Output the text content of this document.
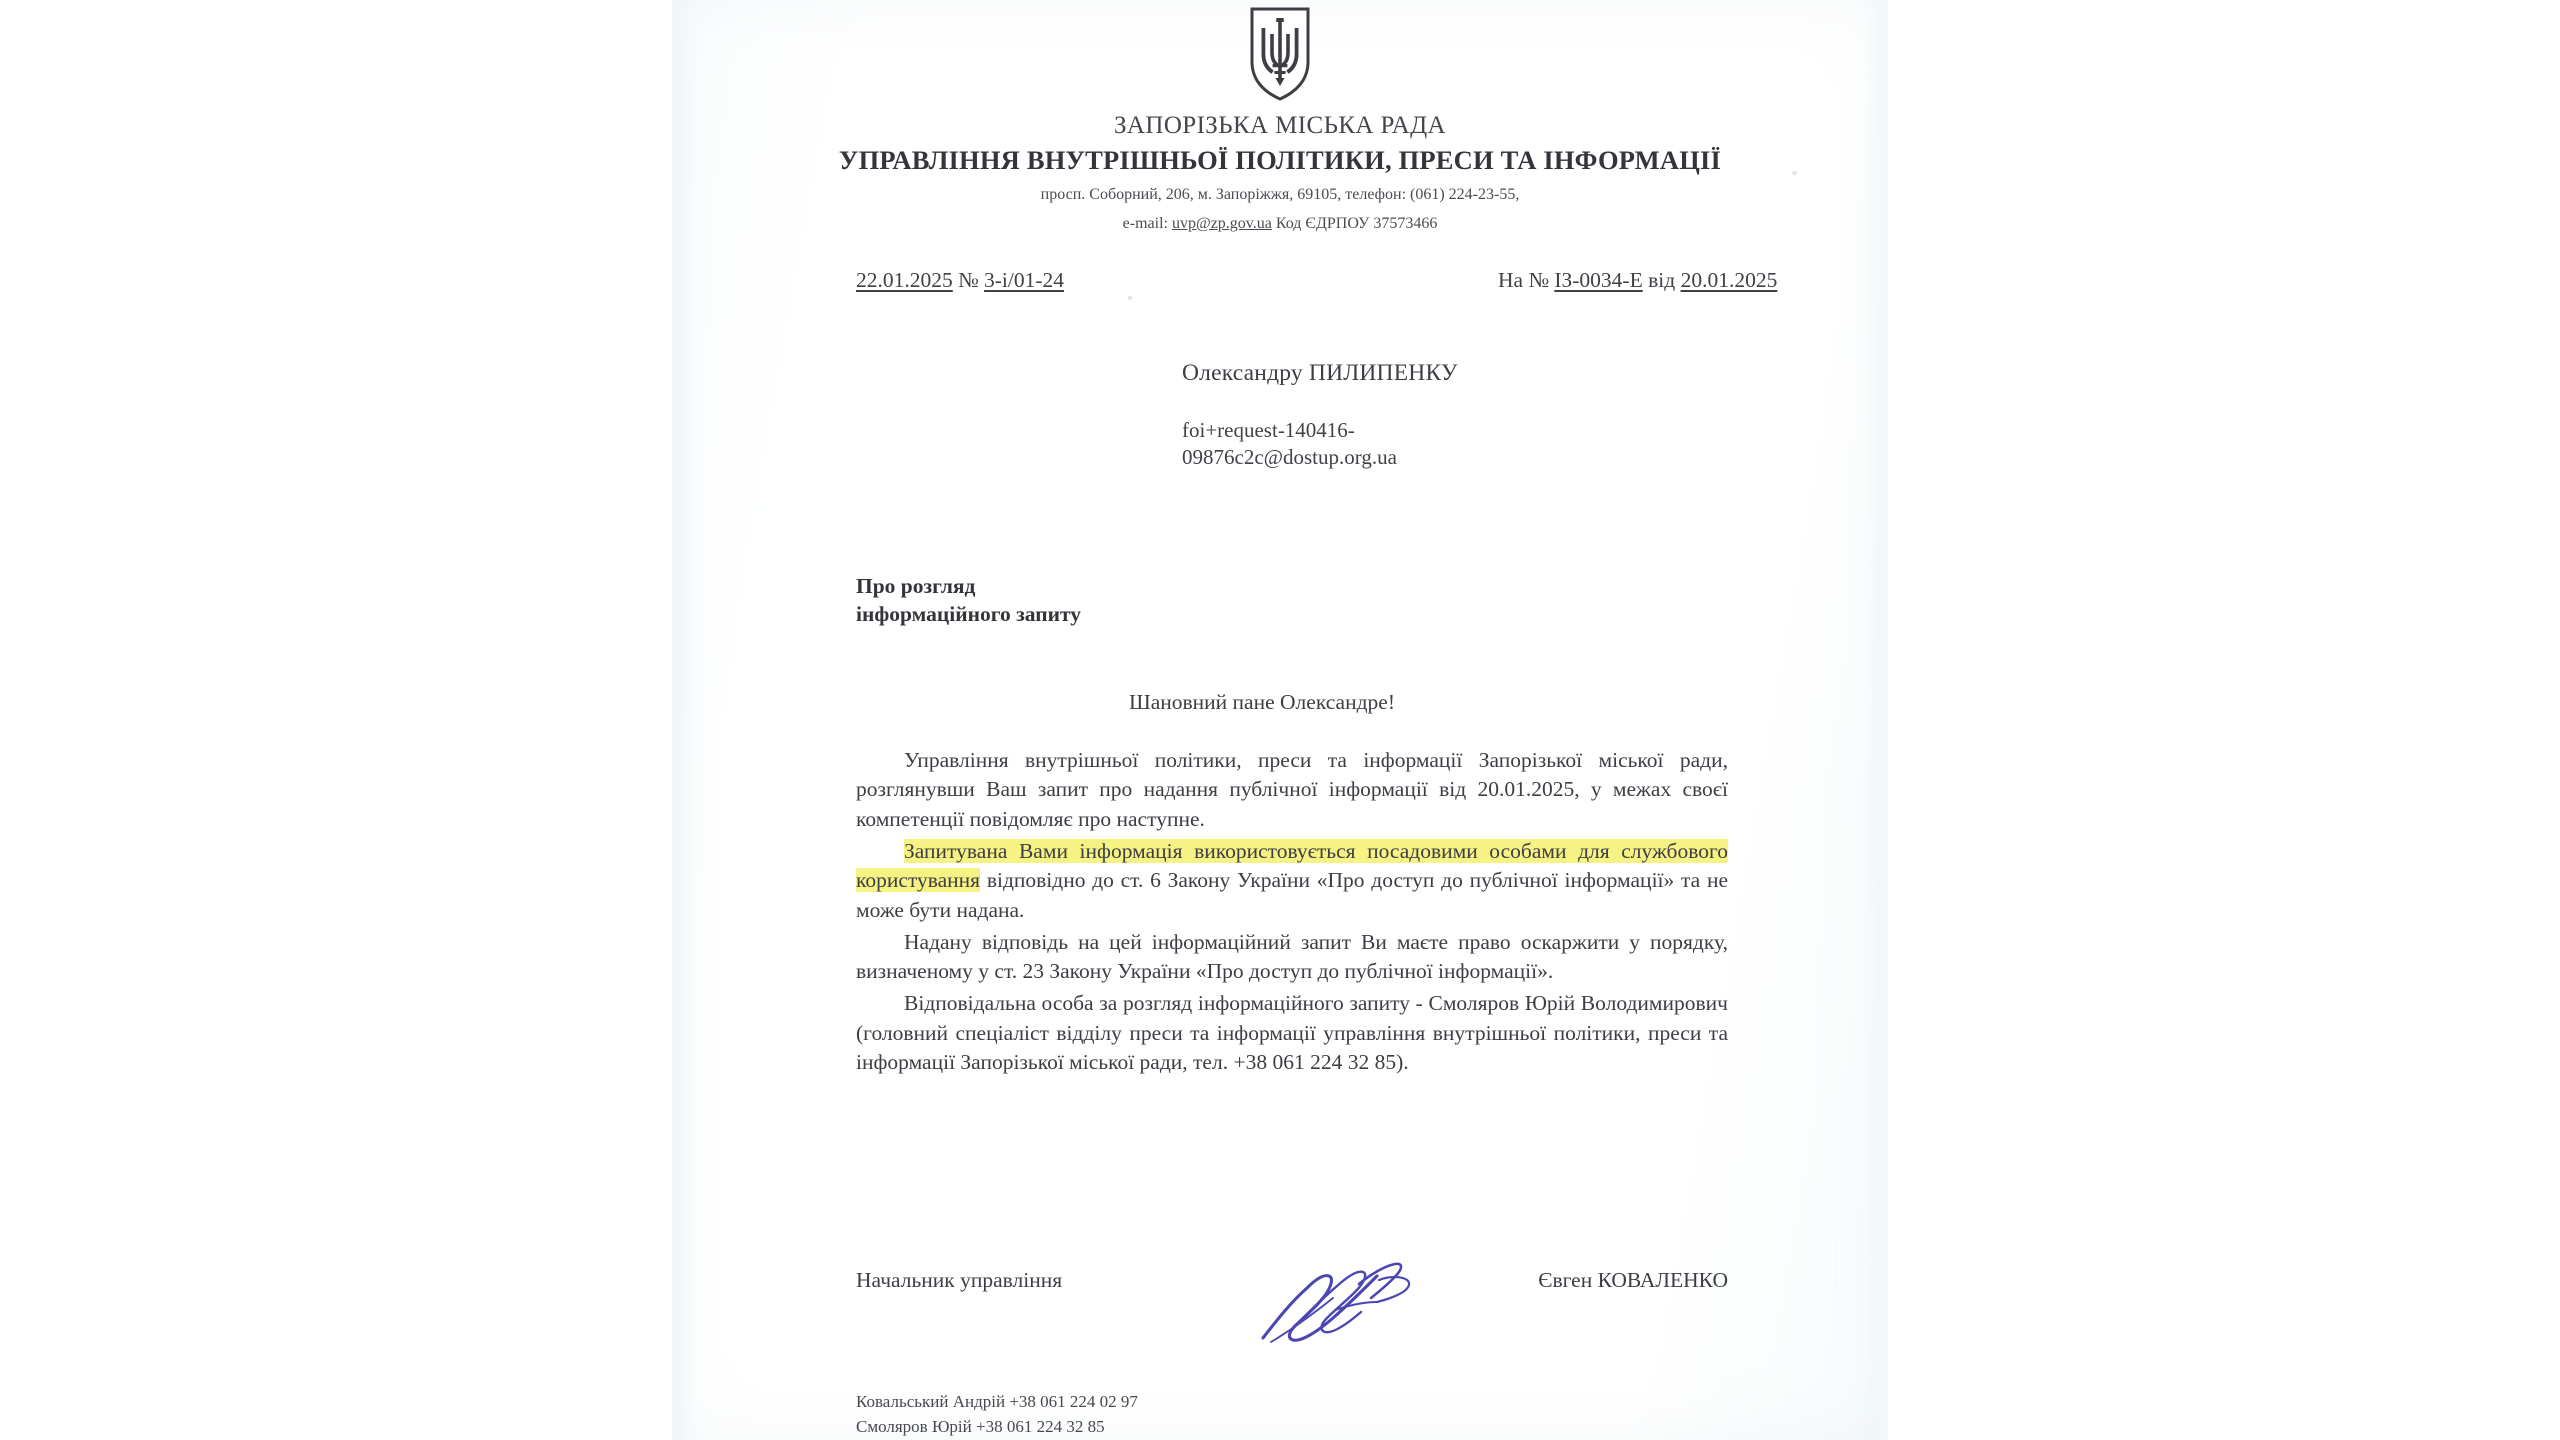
ЗАПОРІЗЬКА МІСЬКА РАДА
УПРАВЛІННЯ ВНУТРІШНЬОЇ ПОЛІТИКИ, ПРЕСИ ТА ІНФОРМАЦІЇ
просп. Соборний, 206, м. Запоріжжя, 69105, телефон: (061) 224-23-55,
e-mail: uvp@zp.gov.ua Код ЄДРПОУ 37573466
22.01.2025 № 3-і/01-24	На № ІЗ-0034-Е від 20.01.2025
Олександру ПИЛИПЕНКУ
foi+request-140416-
09876c2c@dostup.org.ua
Про розгляд
інформаційного запиту
Шановний пане Олександре!

Управління внутрішньої політики, преси та інформації Запорізької міської ради, розглянувши Ваш запит про надання публічної інформації від 20.01.2025, у межах своєї компетенції повідомляє про наступне.

Запитувана Вами інформація використовується посадовими особами для службового користування відповідно до ст. 6 Закону України «Про доступ до публічної інформації» та не може бути надана.

Надану відповідь на цей інформаційний запит Ви маєте право оскаржити у порядку, визначеному у ст. 23 Закону України «Про доступ до публічної інформації».

Відповідальна особа за розгляд інформаційного запиту - Смоляров Юрій Володимирович (головний спеціаліст відділу преси та інформації управління внутрішньої політики, преси та інформації Запорізької міської ради, тел. +38 061 224 32 85).

Начальник управління	Євген КОВАЛЕНКО
Ковальський Андрій +38 061 224 02 97
Смоляров Юрій +38 061 224 32 85
